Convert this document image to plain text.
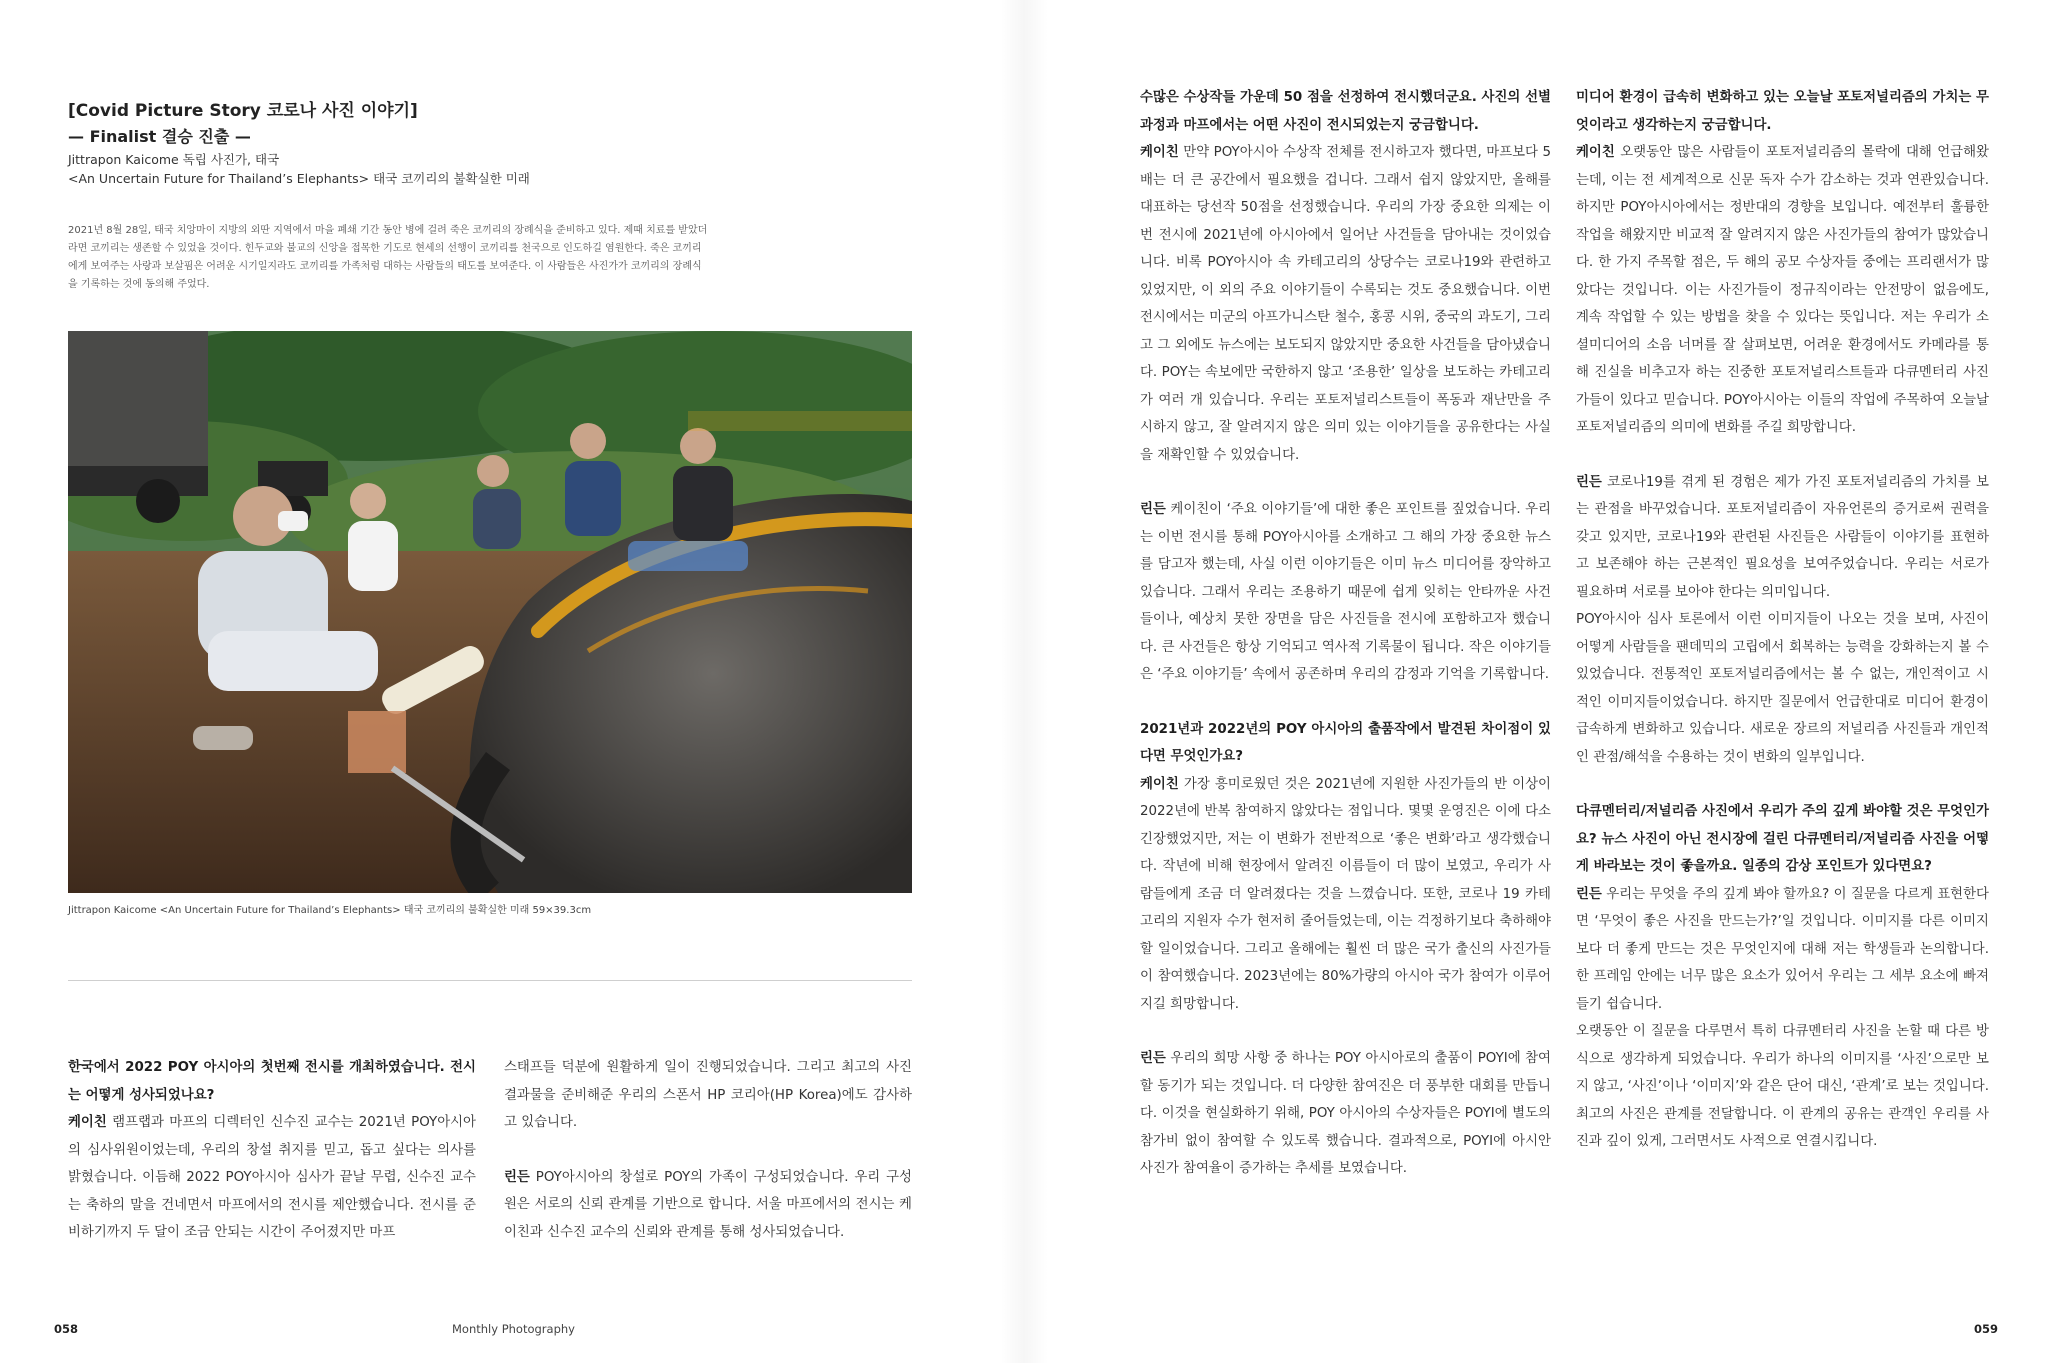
[Covid Picture Story 코로나 사진 이야기]
— Finalist 결승 진출 —
Jittrapon Kaicome 독립 사진가, 태국
<An Uncertain Future for Thailand’s Elephants> 태국 코끼리의 불확실한 미래
2021년 8월 28일, 태국 치앙마이 지방의 외딴 지역에서 마을 폐쇄 기간 동안 병에 걸려 죽은 코끼리의 장례식을 준비하고 있다. 제때 치료를 받았더라면 코끼리는 생존할 수 있었을 것이다. 힌두교와 불교의 신앙을 접목한 기도로 현세의 선행이 코끼리를 천국으로 인도하길 염원한다. 죽은 코끼리에게 보여주는 사랑과 보살핌은 어려운 시기일지라도 코끼리를 가족처럼 대하는 사람들의 태도를 보여준다. 이 사람들은 사진가가 코끼리의 장례식을 기록하는 것에 동의해 주었다.
Jittrapon Kaicome <An Uncertain Future for Thailand’s Elephants> 태국 코끼리의 불확실한 미래 59×39.3cm

한국에서 2022 POY 아시아의 첫번째 전시를 개최하였습니다. 전시는 어떻게 성사되었나요?

케이친 램프랩과 마프의 디렉터인 신수진 교수는 2021년 POY아시아의 심사위원이었는데, 우리의 창설 취지를 믿고, 돕고 싶다는 의사를 밝혔습니다. 이듬해 2022 POY아시아 심사가 끝날 무렵, 신수진 교수는 축하의 말을 건네면서 마프에서의 전시를 제안했습니다. 전시를 준비하기까지 두 달이 조금 안되는 시간이 주어졌지만 마프

스태프들 덕분에 원활하게 일이 진행되었습니다. 그리고 최고의 사진 결과물을 준비해준 우리의 스폰서 HP 코리아(HP Korea)에도 감사하고 있습니다.

린든 POY아시아의 창설로 POY의 가족이 구성되었습니다. 우리 구성원은 서로의 신뢰 관계를 기반으로 합니다. 서울 마프에서의 전시는 케이친과 신수진 교수의 신뢰와 관계를 통해 성사되었습니다.

058	Monthly Photography

수많은 수상작들 가운데 50 점을 선정하여 전시했더군요. 사진의 선별 과정과 마프에서는 어떤 사진이 전시되었는지 궁금합니다.

케이친 만약 POY아시아 수상작 전체를 전시하고자 했다면, 마프보다 5배는 더 큰 공간에서 필요했을 겁니다. 그래서 쉽지 않았지만, 올해를 대표하는 당선작 50점을 선정했습니다. 우리의 가장 중요한 의제는 이번 전시에 2021년에 아시아에서 일어난 사건들을 담아내는 것이었습니다. 비록 POY아시아 속 카테고리의 상당수는 코로나19와 관련하고 있었지만, 이 외의 주요 이야기들이 수록되는 것도 중요했습니다. 이번 전시에서는 미군의 아프가니스탄 철수, 홍콩 시위, 중국의 과도기, 그리고 그 외에도 뉴스에는 보도되지 않았지만 중요한 사건들을 담아냈습니다. POY는 속보에만 국한하지 않고 ‘조용한’ 일상을 보도하는 카테고리가 여러 개 있습니다. 우리는 포토저널리스트들이 폭동과 재난만을 주시하지 않고, 잘 알려지지 않은 의미 있는 이야기들을 공유한다는 사실을 재확인할 수 있었습니다.

린든 케이친이 ‘주요 이야기들’에 대한 좋은 포인트를 짚었습니다. 우리는 이번 전시를 통해 POY아시아를 소개하고 그 해의 가장 중요한 뉴스를 담고자 했는데, 사실 이런 이야기들은 이미 뉴스 미디어를 장악하고 있습니다. 그래서 우리는 조용하기 때문에 쉽게 잊히는 안타까운 사건들이나, 예상치 못한 장면을 담은 사진들을 전시에 포함하고자 했습니다. 큰 사건들은 항상 기억되고 역사적 기록물이 됩니다. 작은 이야기들은 ‘주요 이야기들’ 속에서 공존하며 우리의 감정과 기억을 기록합니다.

2021년과 2022년의 POY 아시아의 출품작에서 발견된 차이점이 있다면 무엇인가요?

케이친 가장 흥미로웠던 것은 2021년에 지원한 사진가들의 반 이상이 2022년에 반복 참여하지 않았다는 점입니다. 몇몇 운영진은 이에 다소 긴장했었지만, 저는 이 변화가 전반적으로 ‘좋은 변화’라고 생각했습니다. 작년에 비해 현장에서 알려진 이름들이 더 많이 보였고, 우리가 사람들에게 조금 더 알려졌다는 것을 느꼈습니다. 또한, 코로나 19 카테고리의 지원자 수가 현저히 줄어들었는데, 이는 걱정하기보다 축하해야 할 일이었습니다. 그리고 올해에는 훨씬 더 많은 국가 출신의 사진가들이 참여했습니다. 2023년에는 80%가량의 아시아 국가 참여가 이루어지길 희망합니다.

린든 우리의 희망 사항 중 하나는 POY 아시아로의 출품이 POYI에 참여할 동기가 되는 것입니다. 더 다양한 참여진은 더 풍부한 대회를 만듭니다. 이것을 현실화하기 위해, POY 아시아의 수상자들은 POYI에 별도의 참가비 없이 참여할 수 있도록 했습니다. 결과적으로, POYI에 아시안 사진가 참여율이 증가하는 추세를 보였습니다.

미디어 환경이 급속히 변화하고 있는 오늘날 포토저널리즘의 가치는 무엇이라고 생각하는지 궁금합니다.

케이친 오랫동안 많은 사람들이 포토저널리즘의 몰락에 대해 언급해왔는데, 이는 전 세계적으로 신문 독자 수가 감소하는 것과 연관있습니다. 하지만 POY아시아에서는 정반대의 경향을 보입니다. 예전부터 훌륭한 작업을 해왔지만 비교적 잘 알려지지 않은 사진가들의 참여가 많았습니다. 한 가지 주목할 점은, 두 해의 공모 수상자들 중에는 프리랜서가 많았다는 것입니다. 이는 사진가들이 정규직이라는 안전망이 없음에도, 계속 작업할 수 있는 방법을 찾을 수 있다는 뜻입니다. 저는 우리가 소셜미디어의 소음 너머를 잘 살펴보면, 어려운 환경에서도 카메라를 통해 진실을 비추고자 하는 진중한 포토저널리스트들과 다큐멘터리 사진가들이 있다고 믿습니다. POY아시아는 이들의 작업에 주목하여 오늘날 포토저널리즘의 의미에 변화를 주길 희망합니다.

린든 코로나19를 겪게 된 경험은 제가 가진 포토저널리즘의 가치를 보는 관점을 바꾸었습니다. 포토저널리즘이 자유언론의 증거로써 권력을 갖고 있지만, 코로나19와 관련된 사진들은 사람들이 이야기를 표현하고 보존해야 하는 근본적인 필요성을 보여주었습니다. 우리는 서로가 필요하며 서로를 보아야 한다는 의미입니다.

POY아시아 심사 토론에서 이런 이미지들이 나오는 것을 보며, 사진이 어떻게 사람들을 팬데믹의 고립에서 회복하는 능력을 강화하는지 볼 수 있었습니다. 전통적인 포토저널리즘에서는 볼 수 없는, 개인적이고 시적인 이미지들이었습니다. 하지만 질문에서 언급한대로 미디어 환경이 급속하게 변화하고 있습니다. 새로운 장르의 저널리즘 사진들과 개인적인 관점/해석을 수용하는 것이 변화의 일부입니다.

다큐멘터리/저널리즘 사진에서 우리가 주의 깊게 봐야할 것은 무엇인가요? 뉴스 사진이 아닌 전시장에 걸린 다큐멘터리/저널리즘 사진을 어떻게 바라보는 것이 좋을까요. 일종의 감상 포인트가 있다면요?

린든 우리는 무엇을 주의 깊게 봐야 할까요? 이 질문을 다르게 표현한다면 ‘무엇이 좋은 사진을 만드는가?’일 것입니다. 이미지를 다른 이미지보다 더 좋게 만드는 것은 무엇인지에 대해 저는 학생들과 논의합니다. 한 프레임 안에는 너무 많은 요소가 있어서 우리는 그 세부 요소에 빠져들기 쉽습니다.

오랫동안 이 질문을 다루면서 특히 다큐멘터리 사진을 논할 때 다른 방식으로 생각하게 되었습니다. 우리가 하나의 이미지를 ‘사진’으로만 보지 않고, ‘사진’이나 ‘이미지’와 같은 단어 대신, ‘관계’로 보는 것입니다. 최고의 사진은 관계를 전달합니다. 이 관계의 공유는 관객인 우리를 사진과 깊이 있게, 그러면서도 사적으로 연결시킵니다.

059
